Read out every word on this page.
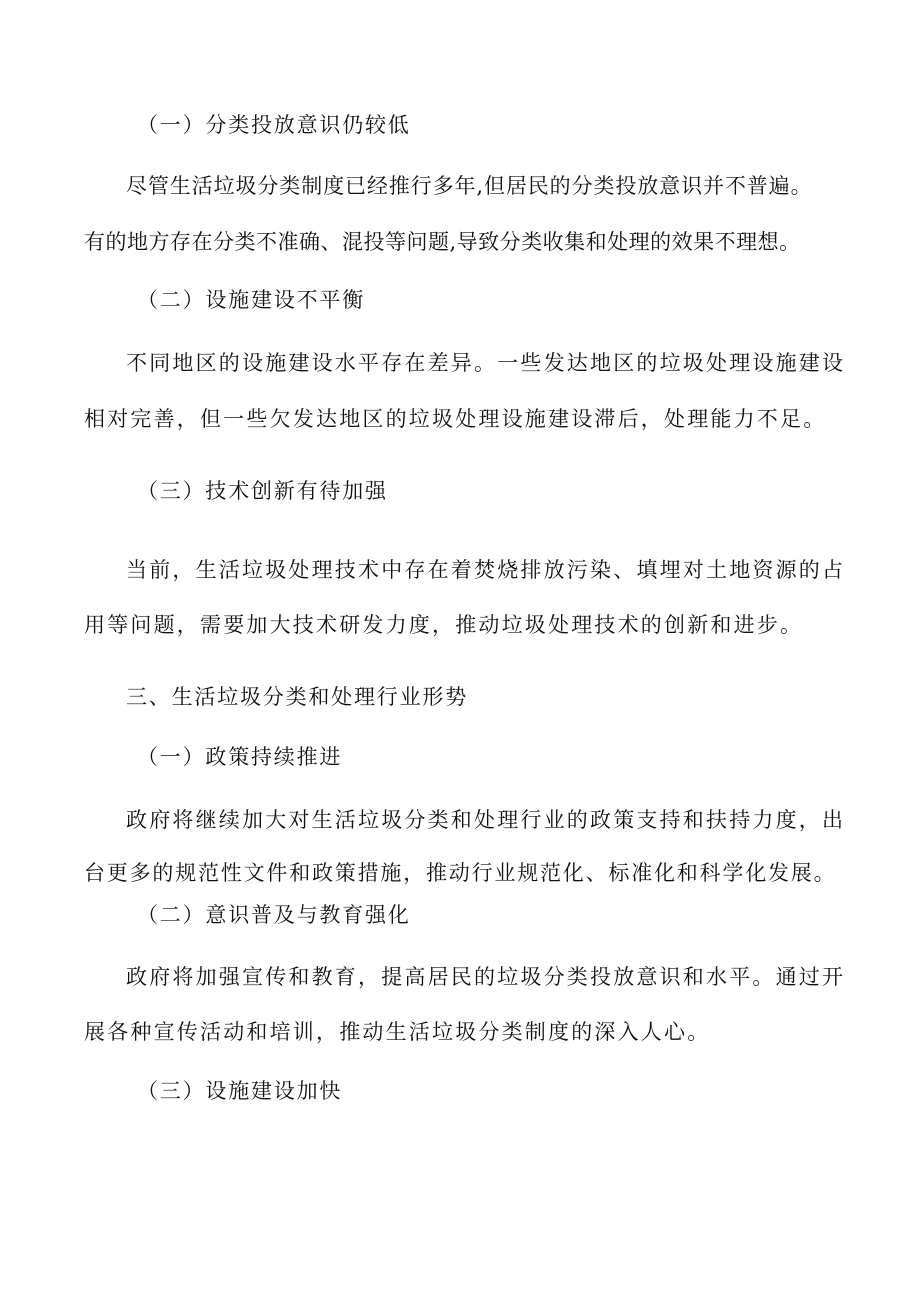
（一）分类投放意识仍较低
尽管生活垃圾分类制度已经推行多年,但居民的分类投放意识并不普遍。
有的地方存在分类不准确、混投等问题,导致分类收集和处理的效果不理想。
（二）设施建设不平衡
不同地区的设施建设水平存在差异。一些发达地区的垃圾处理设施建设
相对完善，但一些欠发达地区的垃圾处理设施建设滞后，处理能力不足。
（三）技术创新有待加强
当前，生活垃圾处理技术中存在着焚烧排放污染、填埋对土地资源的占
用等问题，需要加大技术研发力度，推动垃圾处理技术的创新和进步。
三、生活垃圾分类和处理行业形势
（一）政策持续推进
政府将继续加大对生活垃圾分类和处理行业的政策支持和扶持力度，出
台更多的规范性文件和政策措施，推动行业规范化、标准化和科学化发展。
（二）意识普及与教育强化
政府将加强宣传和教育，提高居民的垃圾分类投放意识和水平。通过开
展各种宣传活动和培训，推动生活垃圾分类制度的深入人心。
（三）设施建设加快
